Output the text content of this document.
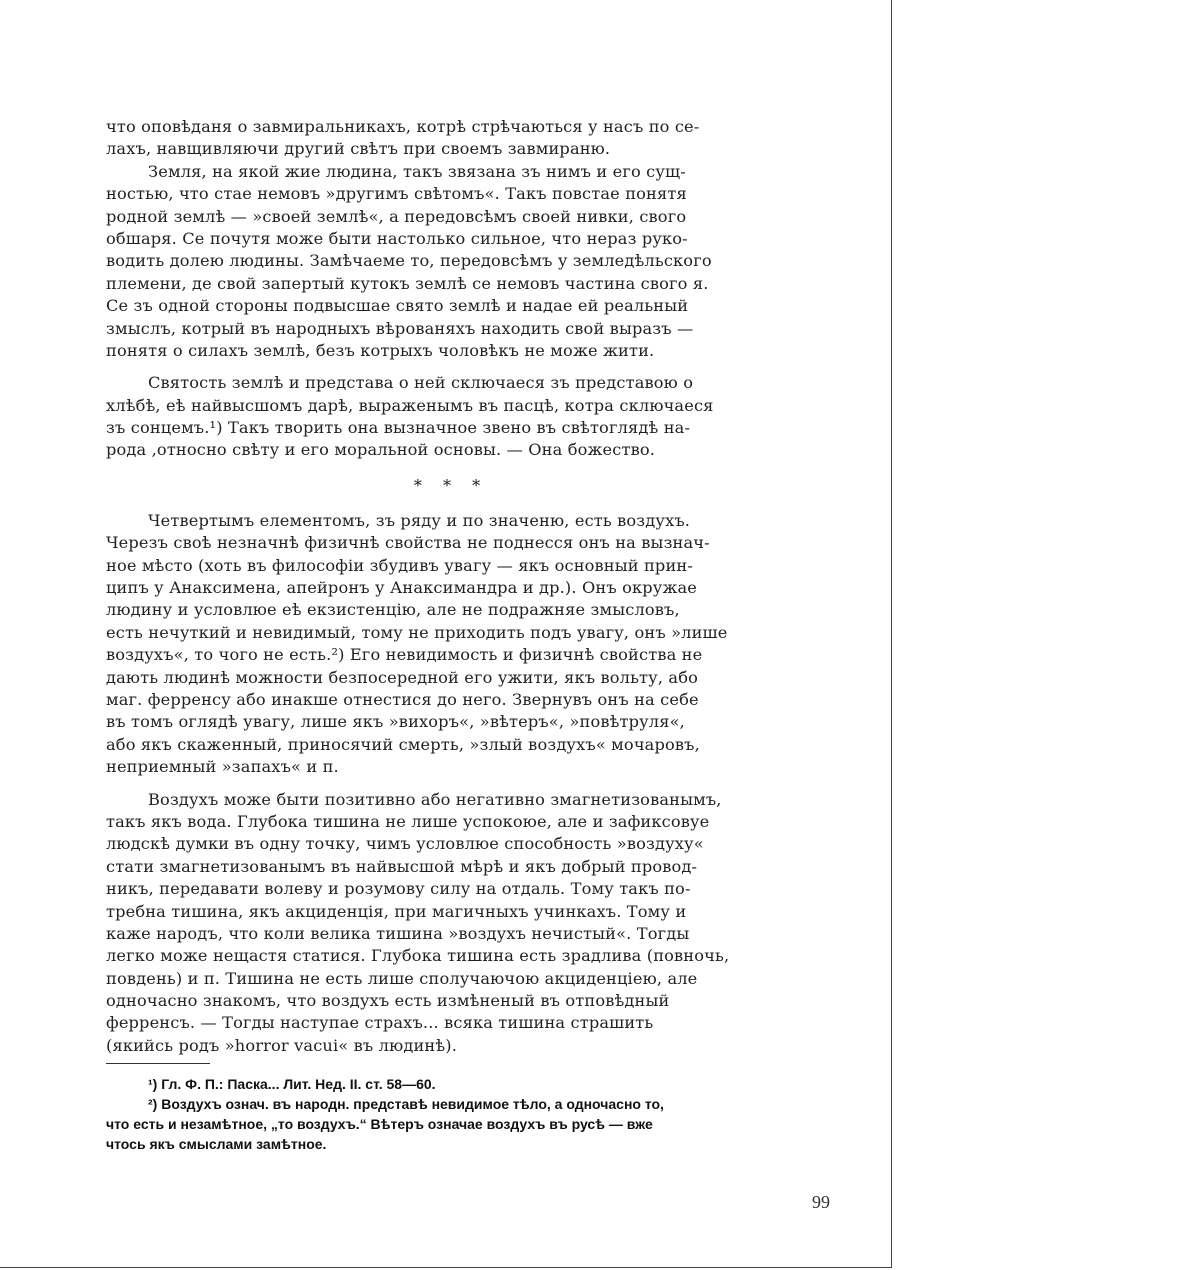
что оповѣданя о завмиральникахъ, котрѣ стрѣчаються у насъ по се-
лахъ, навщивляючи другий свѣтъ при своемъ завмираню.
Земля, на якой жие людина, такъ звязана зъ нимъ и его сущ-
ностью, что стае немовъ »другимъ свѣтомъ«. Такъ повстае понятя
родной землѣ — »своей землѣ«, а передовсѣмъ своей нивки, свого
обшаря. Се почутя може быти настолько сильное, что нераз руко-
водить долею людины. Замѣчаеме то, передовсѣмъ у земледѣльского
племени, де свой запертый кутокъ землѣ се немовъ частина свого я.
Се зъ одной стороны подвысшае свято землѣ и надае ей реальный
змыслъ, котрый въ народныхъ вѣрованяхъ находить свой выразъ —
понятя о силахъ землѣ, безъ котрыхъ чоловѣкъ не може жити.
Святость землѣ и представа о ней сключаеся зъ представою о
хлѣбѣ, eѣ найвысшомъ дарѣ, выраженымъ въ пасцѣ, котра сключаеся
зъ сонцемъ.¹) Такъ творить она вызначное звено въ свѣтоглядѣ на-
рода ,относно свѣту и его моральной основы. — Она божество.
* * *
Четвертымъ елементомъ, зъ ряду и по значеню, есть воздухъ.
Черезъ своѣ незначнѣ физичнѣ свойства не поднесся онъ на вызнач-
ное мѣсто (хоть въ философіи збудивъ увагу — якъ основный прин-
ципъ у Анаксимена, апейронъ у Анаксимандра и др.). Онъ окружае
людину и условлюе eѣ екзистенцію, але не подражняе змысловъ,
есть нечуткий и невидимый, тому не приходить подъ увагу, онъ »лише
воздухъ«, то чого не есть.²) Его невидимость и физичнѣ свойства не
дають людинѣ можности безпосередной его ужити, якъ вольту, або
маг. ферренсу або инакше отнестися до него. Звернувъ онъ на себе
въ томъ оглядѣ увагу, лише якъ »вихоръ«, »вѣтеръ«, »повѣтруля«,
або якъ скаженный, приносячий смерть, »злый воздухъ« мочаровъ,
неприемный »запахъ« и п.
Воздухъ може быти позитивно або негативно змагнетизованымъ,
такъ якъ вода. Глубока тишина не лише успокоюе, але и зафиксовуе
людскѣ думки въ одну точку, чимъ условлюе способность »воздуху«
стати змагнетизованымъ въ найвысшой мѣрѣ и якъ добрый провод-
никъ, передавати волеву и розумову силу на отдаль. Тому такъ по-
требна тишина, якъ акциденція, при магичныхъ учинкахъ. Тому и
каже народъ, что коли велика тишина »воздухъ нечистый«. Тогды
легко може нещастя статися. Глубока тишина есть зрадлива (повночь,
повдень) и п. Тишина не есть лише сполучаючою акциденціею, але
одночасно знакомъ, что воздухъ есть измѣненый въ отповѣдный
ферренсъ. — Тогды наступае страхъ... всяка тишина страшить
(якийсь родъ »horror vacui« въ людинѣ).
¹) Гл. Ф. П.: Паска... Лит. Нед. II. ст. 58—60.
²) Воздухъ означ. въ народн. представѣ невидимое тѣло, а одночасно то,
что есть и незамѣтное, „то воздухъ.“ Вѣтеръ означае воздухъ въ русѣ — вже
чтось якъ смыслами замѣтное.
99
